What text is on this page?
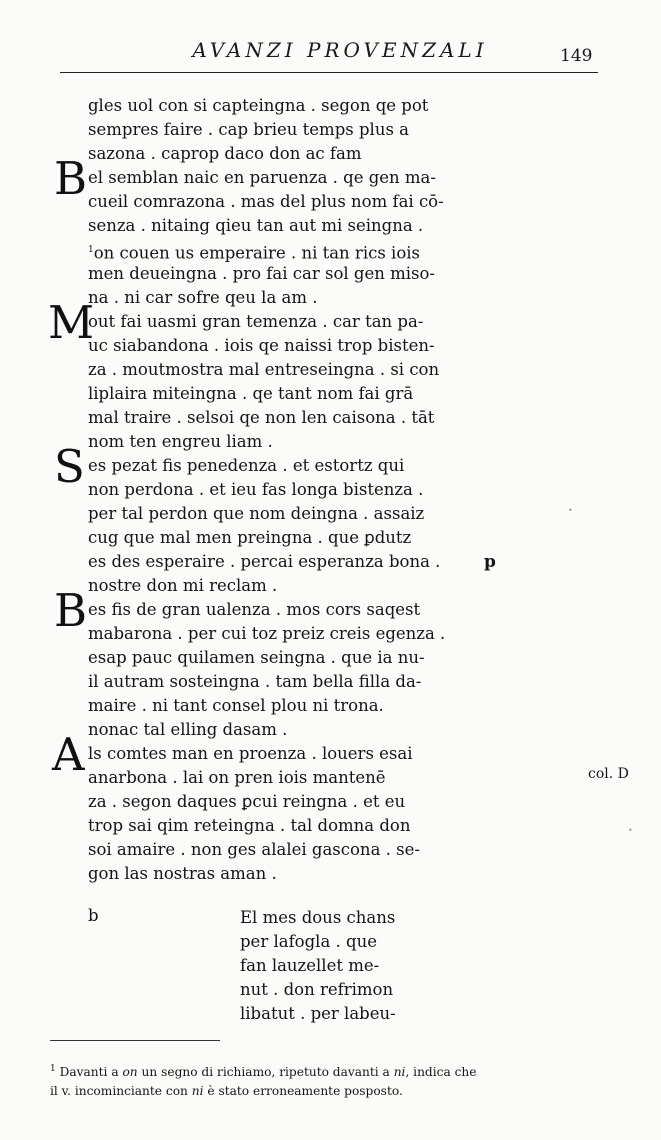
AVANZI PROVENZALI	149
B
M
S
B
A
gles uol con si capteingna . segon qe pot
sempres faire . cap brieu temps plus a
sazona . caprop daco don ac fam
el semblan naic en paruenza . qe gen ma-
cueil comrazona . mas del plus nom fai cō-
senza . nitaing qieu tan aut mi seingna .
$^1$on couen us emperaire . ni tan rics iois
men deueingna . pro fai car sol gen miso-
na . ni car sofre qeu la am .
out fai uasmi gran temenza . car tan pa-
uc siabandona . iois qe naissi trop bisten-
za . moutmostra mal entreseingna . si con
liplaira miteingna . qe tant nom fai grā
mal traire . selsoi qe non len caisona . tāt
nom ten engreu liam .
es pezat fis penedenza . et estortz qui
non perdona . et ieu fas longa bistenza .
per tal perdon que nom deingna . assaiz
cug que mal men preingna . que ꝑdutz
es des esperaire . percai esperanza bona .
nostre don mi reclam .
es fis de gran ualenza . mos cors saqest
mabarona . per cui toz preiz creis egenza .
esap pauc quilamen seingna . que ia nu-
il autram sosteingna . tam bella filla da-
maire . ni tant consel plou ni trona.
nonac tal elling dasam .
ls comtes man en proenza . louers esai
anarbona . lai on pren iois mantenē
za . segon daques ꝑcui reingna . et eu
trop sai qim reteingna . tal domna don
soi amaire . non ges alalei gascona . se-
gon las nostras aman .
p
col. D
•
•
b	El mes dous chans
per lafogla . que
fan lauzellet me-
nut . don refrimon
libatut . per labeu-
$^1$ Davanti a on un segno di richiamo, ripetuto davanti a ni, indica che
il v. incominciante con ni è stato erroneamente posposto.
